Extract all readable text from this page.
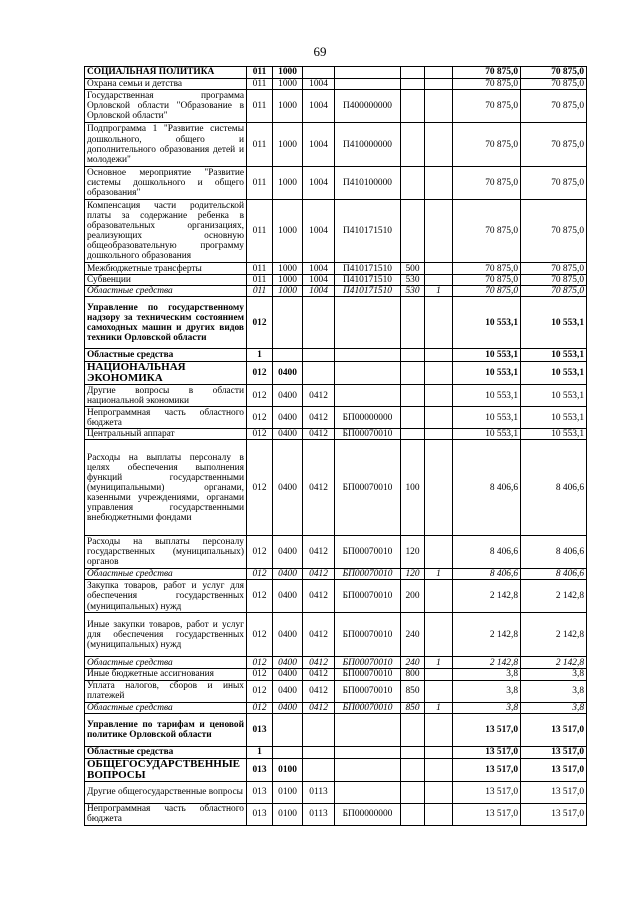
69
СОЦИАЛЬНАЯ ПОЛИТИКА	011	1000					70 875,0	70 875,0
Охрана семьи и детства	011	1000	1004				70 875,0	70 875,0
Государственная программа Орловской области "Образование в Орловской области"	011	1000	1004	П400000000			70 875,0	70 875,0
Подпрограмма 1 "Развитие системы дошкольного, общего и дополнительного образования детей и молодежи"	011	1000	1004	П410000000			70 875,0	70 875,0
Основное мероприятие "Развитие системы дошкольного и общего образования"	011	1000	1004	П410100000			70 875,0	70 875,0
Компенсация части родительской платы за содержание ребенка в образовательных организациях, реализующих основную общеобразовательную программу дошкольного образования	011	1000	1004	П410171510			70 875,0	70 875,0
Межбюджетные трансферты	011	1000	1004	П410171510	500		70 875,0	70 875,0
Субвенции	011	1000	1004	П410171510	530		70 875,0	70 875,0
Областные средства	011	1000	1004	П410171510	530	1	70 875,0	70 875,0
Управление по государственному надзору за техническим состоянием самоходных машин и других видов техники Орловской области	012						10 553,1	10 553,1
Областные средства	1						10 553,1	10 553,1
НАЦИОНАЛЬНАЯ ЭКОНОМИКА	012	0400					10 553,1	10 553,1
Другие вопросы в области национальной экономики	012	0400	0412				10 553,1	10 553,1
Непрограммная часть областного бюджета	012	0400	0412	БП00000000			10 553,1	10 553,1
Центральный аппарат	012	0400	0412	БП00070010			10 553,1	10 553,1
Расходы на выплаты персоналу в целях обеспечения выполнения функций государственными (муниципальными) органами, казенными учреждениями, органами управления государственными внебюджетными фондами	012	0400	0412	БП00070010	100		8 406,6	8 406,6
Расходы на выплаты персоналу государственных (муниципальных) органов	012	0400	0412	БП00070010	120		8 406,6	8 406,6
Областные средства	012	0400	0412	БП00070010	120	1	8 406,6	8 406,6
Закупка товаров, работ и услуг для обеспечения государственных (муниципальных) нужд	012	0400	0412	БП00070010	200		2 142,8	2 142,8
Иные закупки товаров, работ и услуг для обеспечения государственных (муниципальных) нужд	012	0400	0412	БП00070010	240		2 142,8	2 142,8
Областные средства	012	0400	0412	БП00070010	240	1	2 142,8	2 142,8
Иные бюджетные ассигнования	012	0400	0412	БП00070010	800		3,8	3,8
Уплата налогов, сборов и иных платежей	012	0400	0412	БП00070010	850		3,8	3,8
Областные средства	012	0400	0412	БП00070010	850	1	3,8	3,8
Управление по тарифам и ценовой политике Орловской области	013						13 517,0	13 517,0
Областные средства	1						13 517,0	13 517,0
ОБЩЕГОСУДАРСТВЕННЫЕ ВОПРОСЫ	013	0100					13 517,0	13 517,0
Другие общегосударственные вопросы	013	0100	0113				13 517,0	13 517,0
Непрограммная часть областного бюджета	013	0100	0113	БП00000000			13 517,0	13 517,0
